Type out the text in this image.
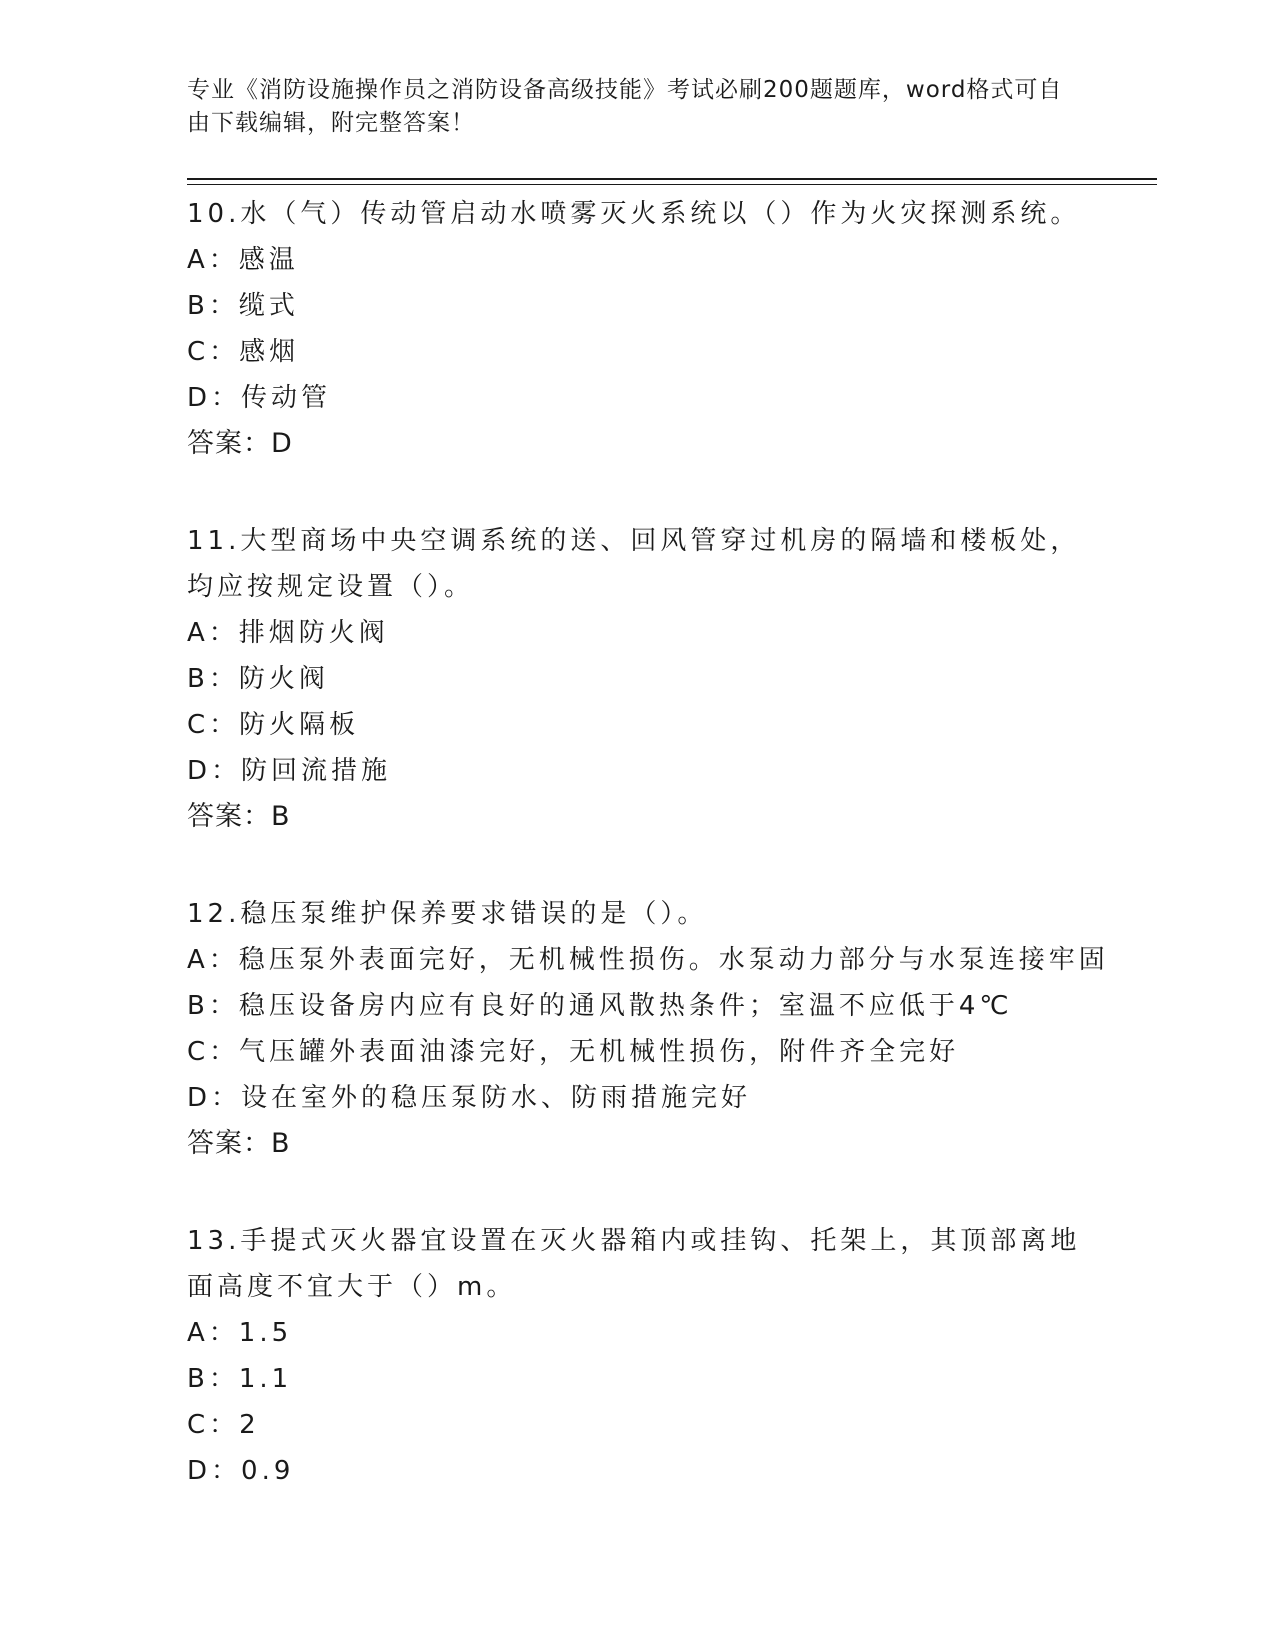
专业《消防设施操作员之消防设备高级技能》考试必刷200题题库，word格式可自由下载编辑，附完整答案！
10.水（气）传动管启动水喷雾灭火系统以（）作为火灾探测系统。
A：感温
B：缆式
C：感烟
D：传动管
答案：D
11.大型商场中央空调系统的送、回风管穿过机房的隔墙和楼板处，均应按规定设置（）。
A：排烟防火阀
B：防火阀
C：防火隔板
D：防回流措施
答案：B
12.稳压泵维护保养要求错误的是（）。
A：稳压泵外表面完好，无机械性损伤。水泵动力部分与水泵连接牢固
B：稳压设备房内应有良好的通风散热条件；室温不应低于4℃
C：气压罐外表面油漆完好，无机械性损伤，附件齐全完好
D：设在室外的稳压泵防水、防雨措施完好
答案：B
13.手提式灭火器宜设置在灭火器箱内或挂钩、托架上，其顶部离地面高度不宜大于（）m。
A：1.5
B：1.1
C：2
D：0.9
